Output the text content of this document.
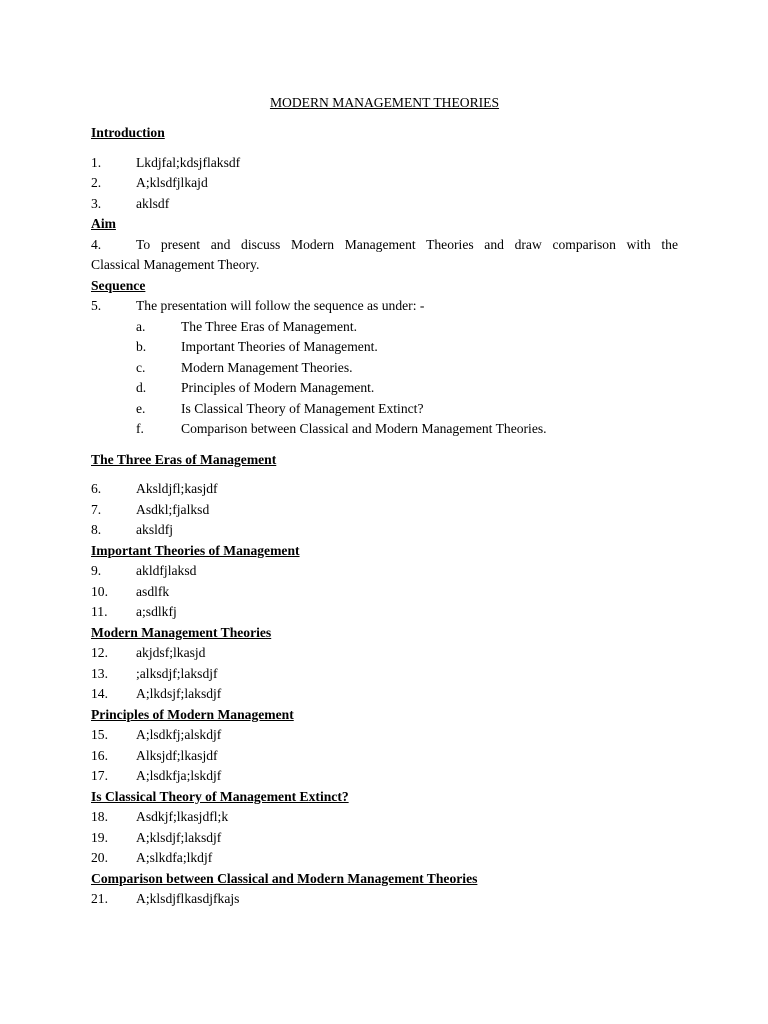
MODERN MANAGEMENT THEORIES
Introduction
1.	Lkdjfal;kdsjflaksdf
2.	A;klsdfjlkajd
3.	aklsdf
Aim
4.	To present and discuss Modern Management Theories and draw comparison with the
Classical Management Theory.
Sequence
5.	The presentation will follow the sequence as under: -
a.	The Three Eras of Management.
b.	Important Theories of Management.
c.	Modern Management Theories.
d.	Principles of Modern Management.
e.	Is Classical Theory of Management Extinct?
f.	Comparison between Classical and Modern Management Theories.
The Three Eras of Management
6.	Aksldjfl;kasjdf
7.	Asdkl;fjalksd
8.	aksldfj
Important Theories of Management
9.	akldfjlaksd
10.	asdlfk
11.	a;sdlkfj
Modern Management Theories
12.	akjdsf;lkasjd
13.	;alksdjf;laksdjf
14.	A;lkdsjf;laksdjf
Principles of Modern Management
15.	A;lsdkfj;alskdjf
16.	Alksjdf;lkasjdf
17.	A;lsdkfja;lskdjf
Is Classical Theory of Management Extinct?
18.	Asdkjf;lkasjdfl;k
19.	A;klsdjf;laksdjf
20.	A;slkdfa;lkdjf
Comparison between Classical and Modern Management Theories
21.	A;klsdjflkasdjfkajs
